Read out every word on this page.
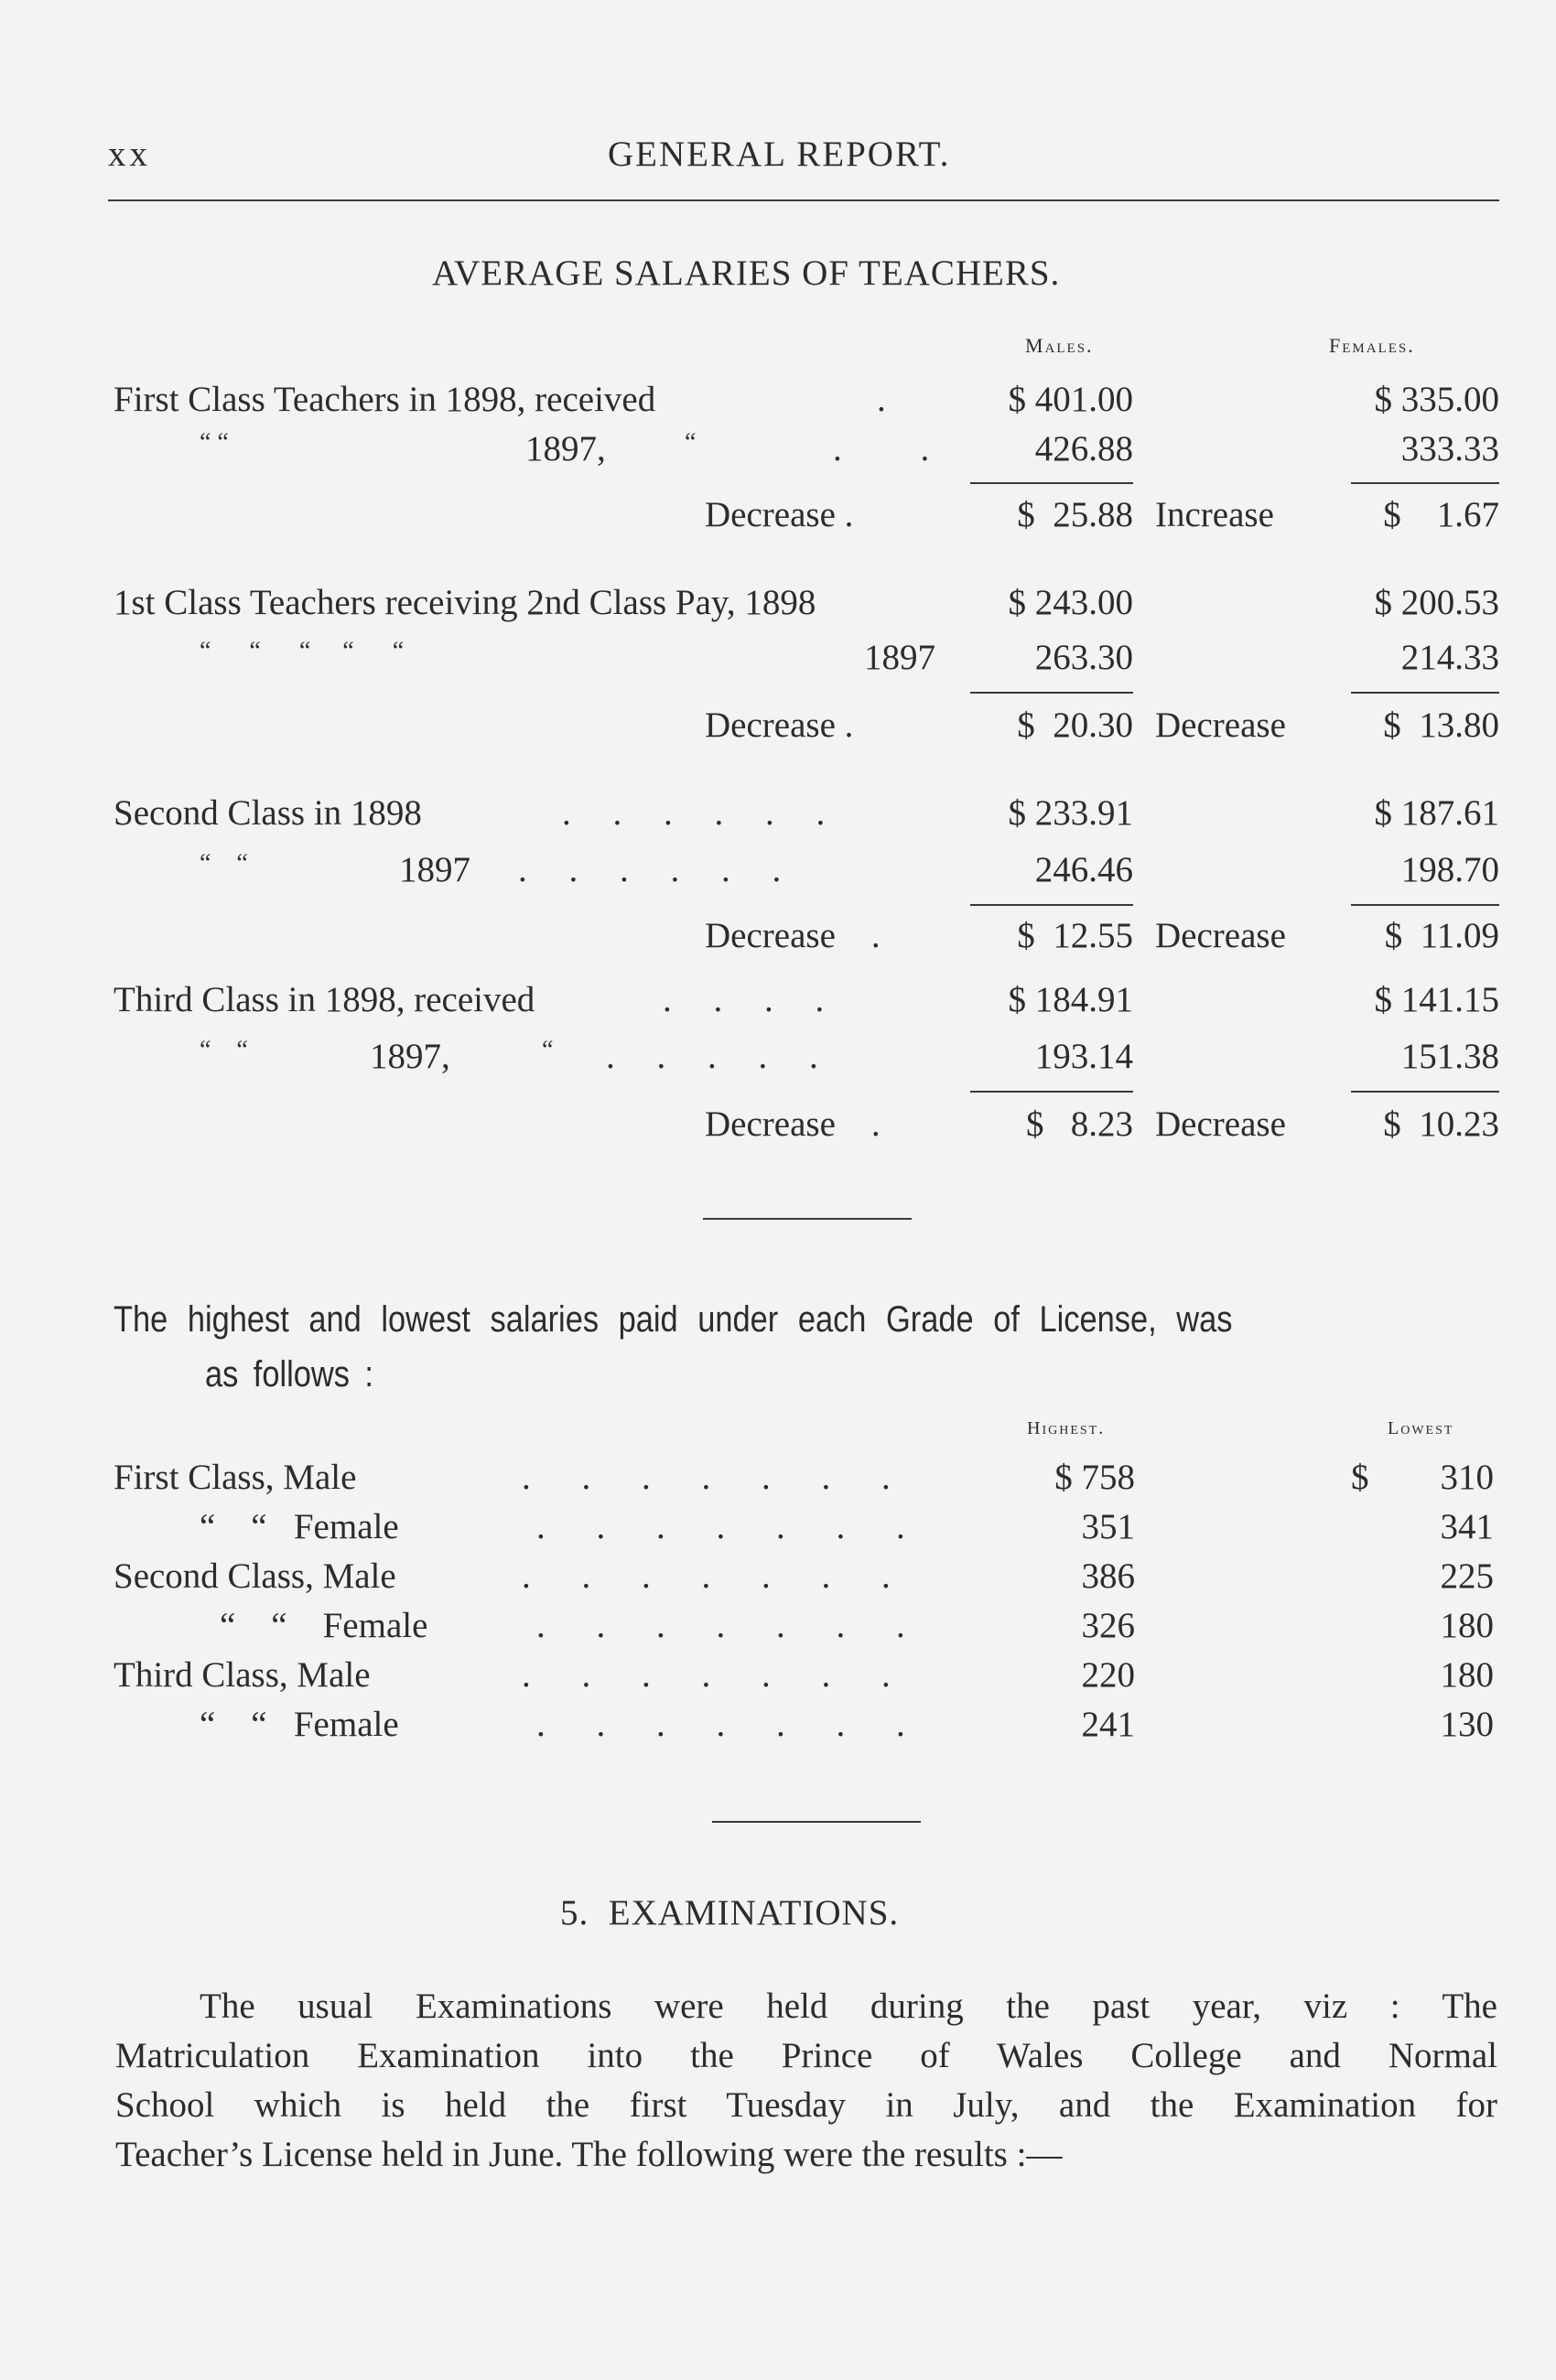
xx	GENERAL REPORT.
AVERAGE SALARIES OF TEACHERS.
Males.	Females.
First Class Teachers in 1898, received	.	$ 401.00	$ 335.00
“ “	1897,	“	. .	426.88	333.33
Decrease .	$  25.88 Increase	$    1.67
1st Class Teachers receiving 2nd Class Pay, 1898	$ 243.00	$ 200.53
“      “      “     “      “	1897	263.30	214.33
Decrease .	$  20.30 Decrease	$  13.80
Second Class in 1898	. . . . . .	$ 233.91	$ 187.61
“    “	1897 . . . . . .	246.46	198.70
Decrease    .	$  12.55 Decrease	$  11.09
Third Class in 1898, received	. . . .	$ 184.91	$ 141.15
“    “	1897,	“ . . . . .	193.14	151.38
Decrease    .	$   8.23 Decrease	$  10.23
The highest and lowest salaries paid under each Grade of License, was
as follows :
Highest.	Lowest
First Class, Male	. . . . . . .	$ 758	$	310
“    “   Female	. . . . . . .	351	341
Second Class, Male	. . . . . . .	386	225
“    “    Female	. . . . . . .	326	180
Third Class, Male	. . . . . . .	220	180
“    “   Female	. . . . . . .	241	130
5.  EXAMINATIONS.
The usual Examinations were held during the past year, viz : The
Matriculation Examination into the Prince of Wales College and Normal
School which is held the first Tuesday in July, and the Examination for
Teacher’s License held in June. The following were the results :—
